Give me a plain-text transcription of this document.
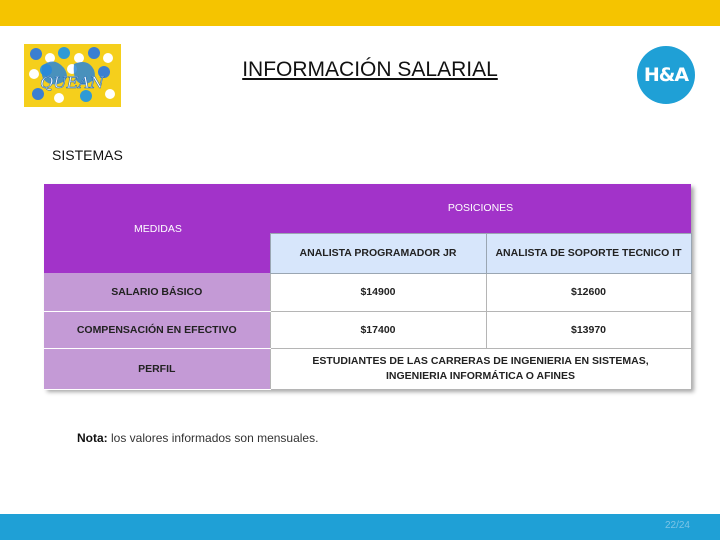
QUEAN
INFORMACIÓN SALARIAL	H&A
SISTEMAS
MEDIDAS	POSICIONES	
	ANALISTA PROGRAMADOR JR	ANALISTA DE SOPORTE TECNICO IT
SALARIO BÁSICO	$14900	$12600
COMPENSACIÓN EN EFECTIVO	$17400	$13970
PERFIL	ESTUDIANTES DE LAS CARRERAS DE INGENIERIA EN SISTEMAS, INGENIERIA INFORMÁTICA O AFINES	
Nota: los valores informados son mensuales.
22/24
